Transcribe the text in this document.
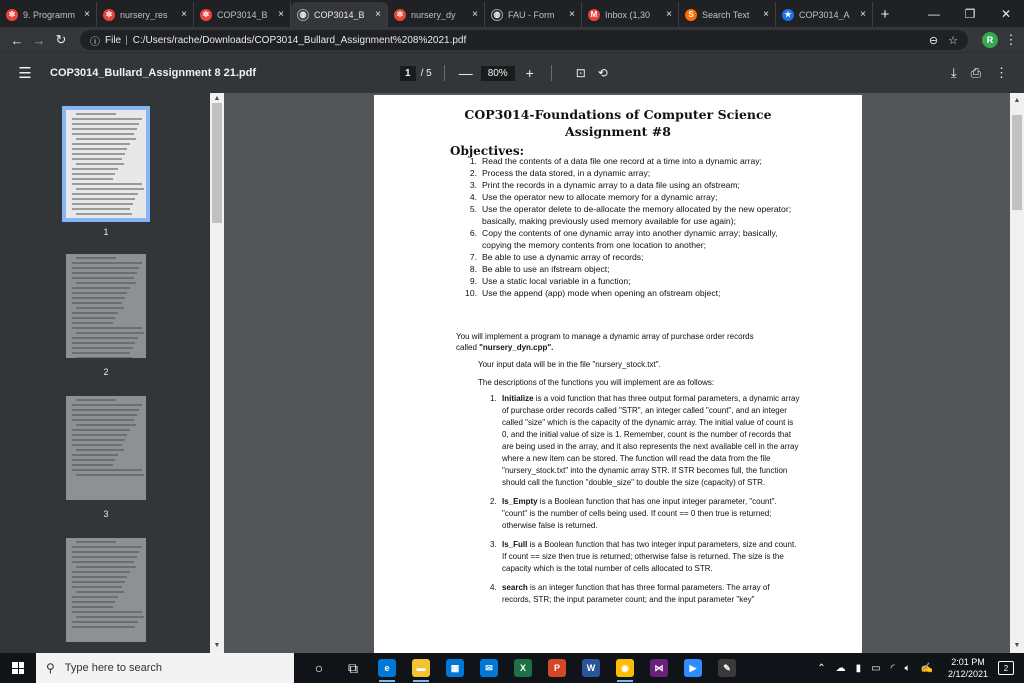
✲ 9. Programm ×	✲ nursery_res	×	✲ COP3014_B	×	◍ COP3014_B	×	✲ nursery_dy	×	◍ FAU - Form	×	M Inbox (1,30	×	S Search Text	×	★ COP3014_A	× +	—	❐	✕
← → ↻	ⓘ File | C:/Users/rache/Downloads/COP3014_Bullard_Assignment%208%2021.pdf	⊖ ☆	R ⋮
☰	COP3014_Bullard_Assignment 8 21.pdf	1	/
5 —	80%	+	⊡ ⟲	⤓ ⎙ ⋮
▲
▼
1
2
3
COP3014-Foundations of Computer Science
Assignment #8
Objectives:
1. Read the contents of a data file one record at a time into a dynamic array;
2. Process the data stored, in a dynamic array;
3. Print the records in a dynamic array to a data file using an ofstream;
4. Use the operator new to allocate memory for a dynamic array;
5. Use the operator delete to de-allocate the memory allocated by the new operator; basically, making previously used memory available for use again);
6. Copy the contents of one dynamic array into another dynamic array; basically, copying the memory contents from one location to another;
7. Be able to use a dynamic array of records;
8. Be able to use an ifstream object;
9. Use a static local variable in a function;
10. Use the append (app) mode when opening an ofstream object;
You will implement a program to manage a dynamic array of purchase order records
called "nursery_dyn.cpp".
Your input data will be in the file "nursery_stock.txt".
The descriptions of the functions you will implement are as follows:
1. Initialize is a void function that has three output formal parameters, a dynamic array of purchase order records called "STR", an integer called "count", and an integer called "size" which is the capacity of the dynamic array. The initial value of count is 0, and the initial value of size is 1. Remember, count is the number of records that are being used in the array, and it also represents the next available cell in the array where a new item can be stored. The function will read the data from the file "nursery_stock.txt" into the dynamic array STR. If STR becomes full, the function should call the function "double_size" to double the size (capacity) of STR.
2. Is_Empty is a Boolean function that has one input integer parameter, "count". "count" is the number of cells being used. If count == 0 then true is returned; otherwise false is returned.
3. Is_Full is a Boolean function that has two integer input parameters, size and count. If count == size then true is returned; otherwise false is returned. The size is the capacity which is the total number of cells allocated to STR.
4. search is an integer function that has three formal parameters. The array of records, STR; the input parameter count; and the input parameter "key"
▲
▼
⚲ Type here to search	○	⧉	e	▬	▦	✉	X	P	W	◉	⋈	▶	✎	⌃ ☁ ▮ ▭ ◜ 🔈︎ ✍
2:01 PM
2/12/2021
2
